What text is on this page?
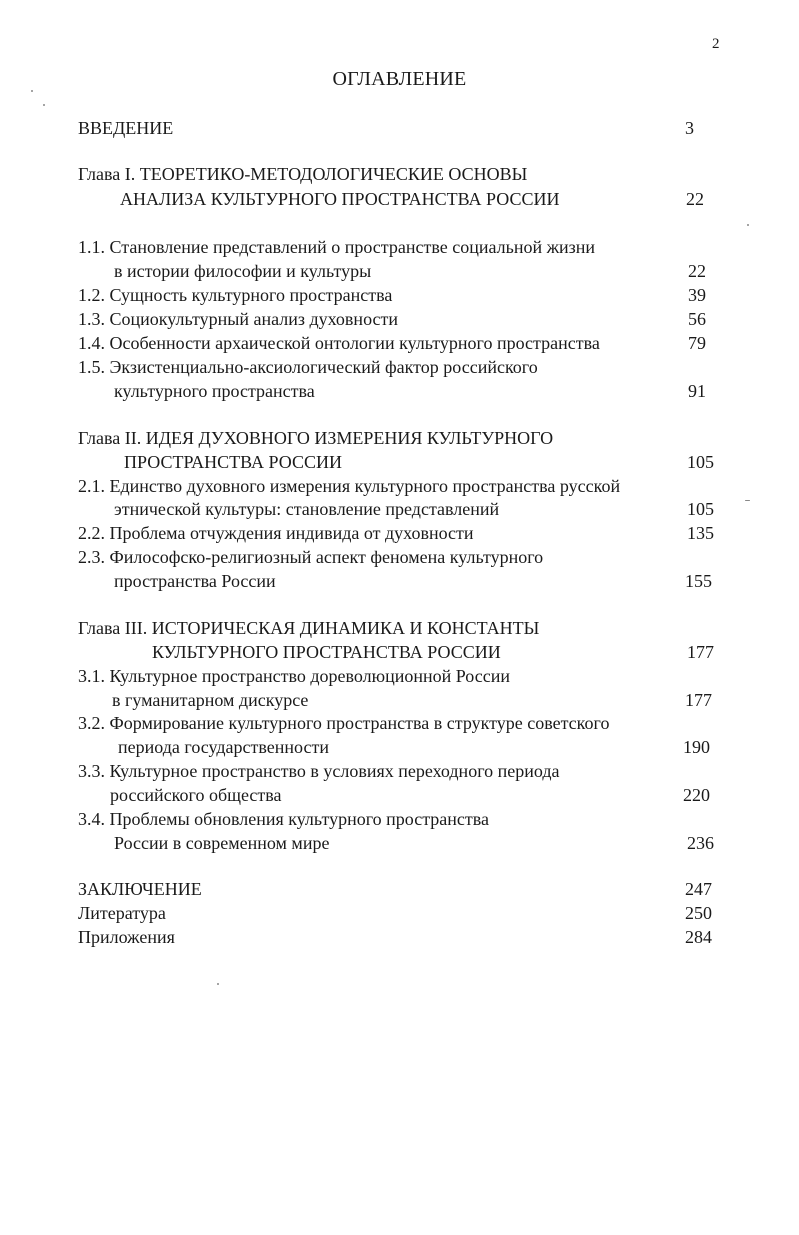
2
ОГЛАВЛЕНИЕ
ВВЕДЕНИЕ	3
Глава I. ТЕОРЕТИКО-МЕТОДОЛОГИЧЕСКИЕ ОСНОВЫ
АНАЛИЗА КУЛЬТУРНОГО ПРОСТРАНСТВА РОССИИ	22
1.1. Становление представлений о пространстве социальной жизни
в истории философии и культуры	22
1.2. Сущность культурного пространства	39
1.3. Социокультурный анализ духовности	56
1.4. Особенности архаической онтологии культурного пространства	79
1.5. Экзистенциально-аксиологический фактор российского
культурного пространства	91
Глава II. ИДЕЯ ДУХОВНОГО ИЗМЕРЕНИЯ КУЛЬТУРНОГО
ПРОСТРАНСТВА РОССИИ	105
2.1. Единство духовного измерения культурного пространства русской
этнической культуры: становление представлений	105
2.2. Проблема отчуждения индивида от духовности	135
2.3. Философско-религиозный аспект феномена культурного
пространства России	155
Глава III. ИСТОРИЧЕСКАЯ ДИНАМИКА И КОНСТАНТЫ
КУЛЬТУРНОГО ПРОСТРАНСТВА РОССИИ	177
3.1. Культурное пространство дореволюционной России
в гуманитарном дискурсе	177
3.2. Формирование культурного пространства в структуре советского
периода государственности	190
3.3. Культурное пространство в условиях переходного периода
российского общества	220
3.4. Проблемы обновления культурного пространства
России в современном мире	236
ЗАКЛЮЧЕНИЕ	247
Литература	250
Приложения	284
